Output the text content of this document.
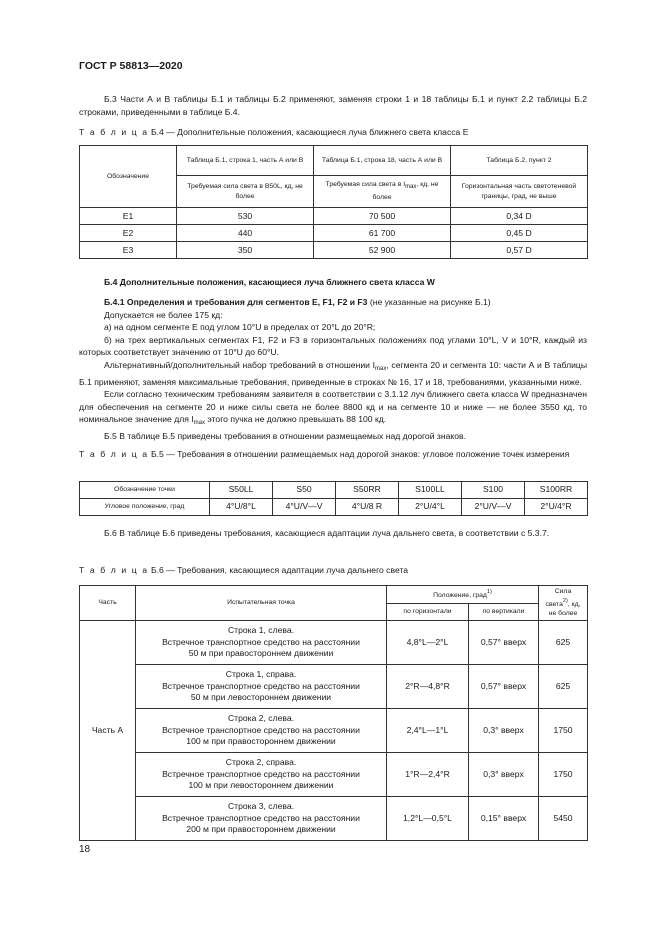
ГОСТ Р 58813—2020

Б.3 Части А и В таблицы Б.1 и таблицы Б.2 применяют, заменяя строки 1 и 18 таблицы Б.1 и пункт 2.2 таблицы Б.2 строками, приведенными в таблице Б.4.

Т а б л и ц а Б.4 — Дополнительные положения, касающиеся луча ближнего света класса Е
Обозначение	Таблица Б.1, строка 1, часть А или В	Таблица Б.1, строка 18, часть А или В	Таблица Б.2, пункт 2
	Требуемая сила света в B50L, кд, не более	Требуемая сила света в $I_{max}$, кд, не более	Горизонтальная часть светотеневой границы, град, не выше
E1	530	70 500	0,34 D
E2	440	61 700	0,45 D
E3	350	52 900	0,57 D

Б.4 Дополнительные положения, касающиеся луча ближнего света класса W

Б.4.1 Определения и требования для сегментов E, F1, F2 и F3 (не указанные на рисунке Б.1)

Допускается не более 175 кд:

а) на одном сегменте Е под углом 10°U в пределах от 20°L до 20°R;

б) на трех вертикальных сегментах F1, F2 и F3 в горизонтальных положениях под углами 10°L, V и 10°R, каждый из которых соответствует значению от 10°U до 60°U.

Альтернативный/дополнительный набор требований в отношении $I_{max}$, сегмента 20 и сегмента 10: части А и В таблицы Б.1 применяют, заменяя максимальные требования, приведенные в строках № 16, 17 и 18, требованиями, указанными ниже.

Если согласно техническим требованиям заявителя в соответствии с 3.1.12 луч ближнего света класса W предназначен для обеспечения на сегменте 20 и ниже силы света не более 8800 кд и на сегменте 10 и ниже — не более 3550 кд, то номинальное значение для $I_{max}$ этого пучка не должно превышать 88 100 кд.

Б.5 В таблице Б.5 приведены требования в отношении размещаемых над дорогой знаков.

Т а б л и ц а Б.5 — Требования в отношении размещаемых над дорогой знаков: угловое положение точек измерения
Обозначение точки	S50LL	S50	S50RR	S100LL	S100	S100RR
Угловое положение, град	4°U/8°L	4°U/V—V	4°U/8 R	2°U/4°L	2°U/V—V	2°U/4°R

Б.6 В таблице Б.6 приведены требования, касающиеся адаптации луча дальнего света, в соответствии с 5.3.7.

Т а б л и ц а Б.6 — Требования, касающиеся адаптации луча дальнего света
Часть	Испытательная точка	Положение, град$^{1)}$		Сила света$^{2)}$, кд, не более
		по горизонтали	по вертикали	
Часть А	Строка 1, слева.
Встречное транспортное средство на расстоянии
50 м при правостороннем движении	4,8°L—2°L	0,57° вверх	625

	Строка 1, справа.
Встречное транспортное средство на расстоянии
50 м при левостороннем движении	2°R—4,8°R	0,57° вверх	625

	Строка 2, слева.
Встречное транспортное средство на расстоянии
100 м при правостороннем движении	2,4°L—1°L	0,3° вверх	1750

	Строка 2, справа.
Встречное транспортное средство на расстоянии
100 м при левостороннем движении	1°R—2,4°R	0,3° вверх	1750

	Строка 3, слева.
Встречное транспортное средство на расстоянии
200 м при правостороннем движении	1,2°L—0,5°L	0,15° вверх	5450
18
